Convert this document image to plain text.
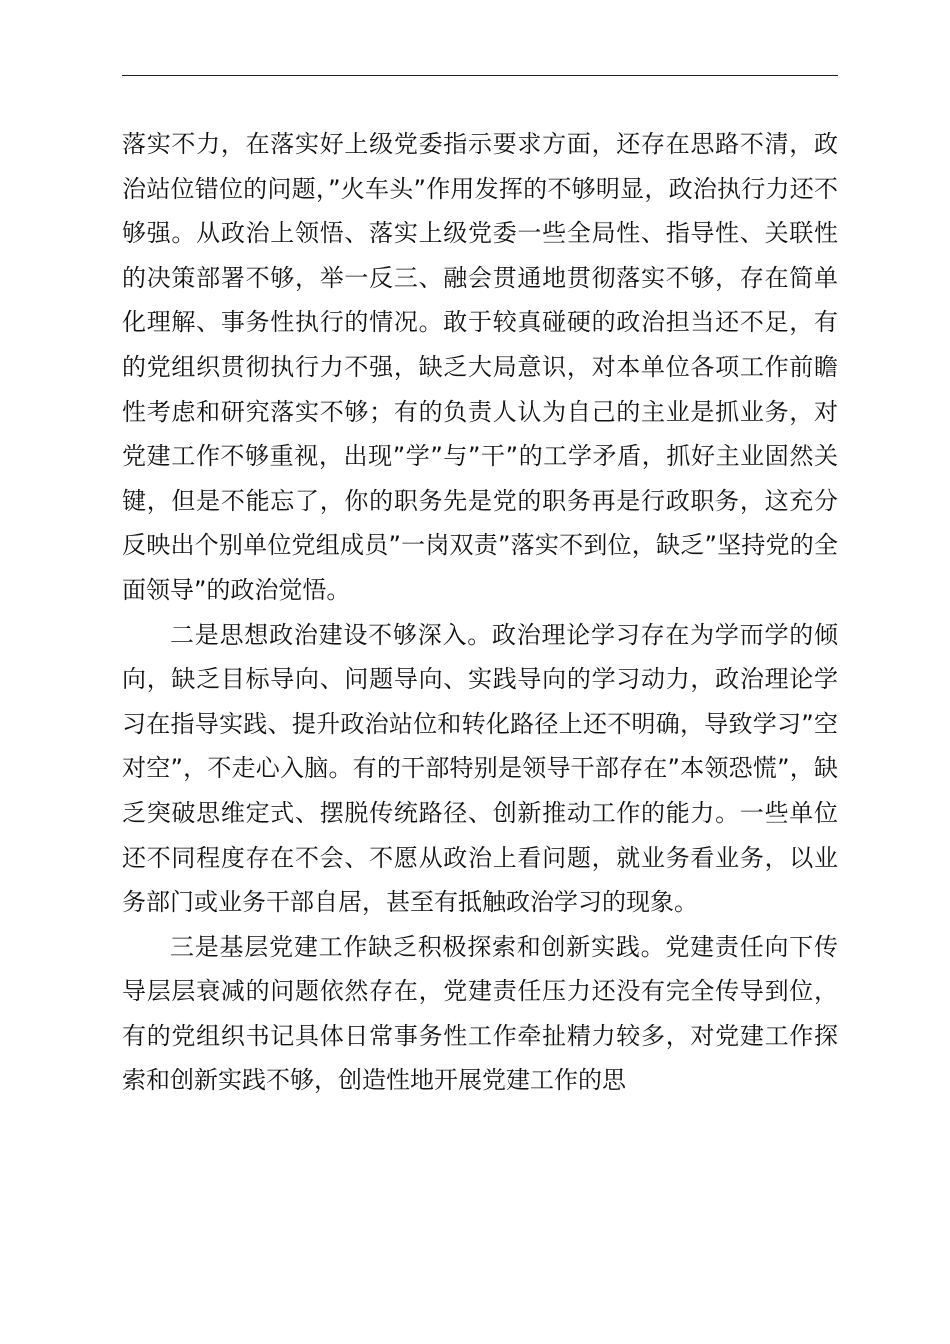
落实不力，在落实好上级党委指示要求方面，还存在思路不清，政治站位错位的问题，”火车头”作用发挥的不够明显，政治执行力还不够强。从政治上领悟、落实上级党委一些全局性、指导性、关联性的决策部署不够，举一反三、融会贯通地贯彻落实不够，存在简单化理解、事务性执行的情况。敢于较真碰硬的政治担当还不足，有的党组织贯彻执行力不强，缺乏大局意识，对本单位各项工作前瞻性考虑和研究落实不够；有的负责人认为自己的主业是抓业务，对党建工作不够重视，出现”学”与”干”的工学矛盾，抓好主业固然关键，但是不能忘了，你的职务先是党的职务再是行政职务，这充分反映出个别单位党组成员”一岗双责”落实不到位，缺乏”坚持党的全面领导”的政治觉悟。

二是思想政治建设不够深入。政治理论学习存在为学而学的倾向，缺乏目标导向、问题导向、实践导向的学习动力，政治理论学习在指导实践、提升政治站位和转化路径上还不明确，导致学习”空对空”，不走心入脑。有的干部特别是领导干部存在”本领恐慌”，缺乏突破思维定式、摆脱传统路径、创新推动工作的能力。一些单位还不同程度存在不会、不愿从政治上看问题，就业务看业务，以业务部门或业务干部自居，甚至有抵触政治学习的现象。

三是基层党建工作缺乏积极探索和创新实践。党建责任向下传导层层衰减的问题依然存在，党建责任压力还没有完全传导到位，有的党组织书记具体日常事务性工作牵扯精力较多，对党建工作探索和创新实践不够，创造性地开展党建工作的思
